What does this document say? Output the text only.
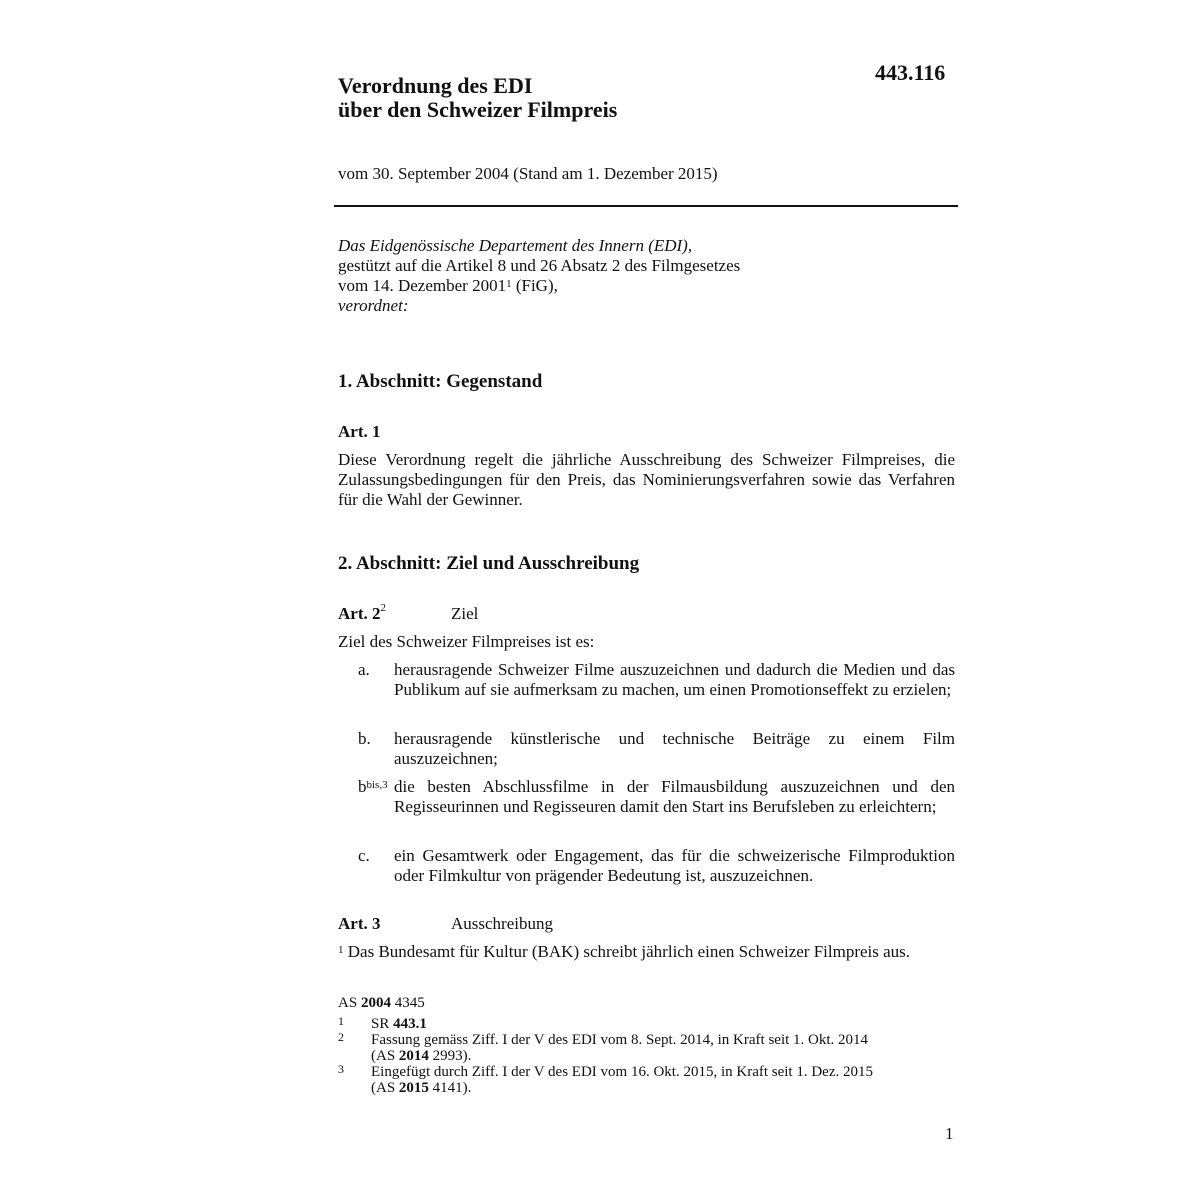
443.116
Verordnung des EDI
über den Schweizer Filmpreis
vom 30. September 2004 (Stand am 1. Dezember 2015)
Das Eidgenössische Departement des Innern (EDI),
gestützt auf die Artikel 8 und 26 Absatz 2 des Filmgesetzes
vom 14. Dezember 2001$^1$ (FiG),
verordnet:
1. Abschnitt: Gegenstand
Art. 1
Diese Verordnung regelt die jährliche Ausschreibung des Schweizer Filmpreises, die Zulassungsbedingungen für den Preis, das Nominierungsverfahren sowie das Verfahren für die Wahl der Gewinner.
2. Abschnitt: Ziel und Ausschreibung
Art. $2^2$	Ziel
Ziel des Schweizer Filmpreises ist es:
a. herausragende Schweizer Filme auszuzeichnen und dadurch die Medien und das Publikum auf sie aufmerksam zu machen, um einen Promotionseffekt zu erzielen;
b. herausragende künstlerische und technische Beiträge zu einem Film auszuzeichnen;
$b^{bis,3}$ die besten Abschlussfilme in der Filmausbildung auszuzeichnen und den Regisseurinnen und Regisseuren damit den Start ins Berufsleben zu erleichtern;
c. ein Gesamtwerk oder Engagement, das für die schweizerische Filmproduktion oder Filmkultur von prägender Bedeutung ist, auszuzeichnen.
Art. 3	Ausschreibung
$^1$ Das Bundesamt für Kultur (BAK) schreibt jährlich einen Schweizer Filmpreis aus.
AS 2004 4345
1 SR 443.1
2 Fassung gemäss Ziff. I der V des EDI vom 8. Sept. 2014, in Kraft seit 1. Okt. 2014
(AS 2014 2993).
3 Eingefügt durch Ziff. I der V des EDI vom 16. Okt. 2015, in Kraft seit 1. Dez. 2015
(AS 2015 4141).
1
